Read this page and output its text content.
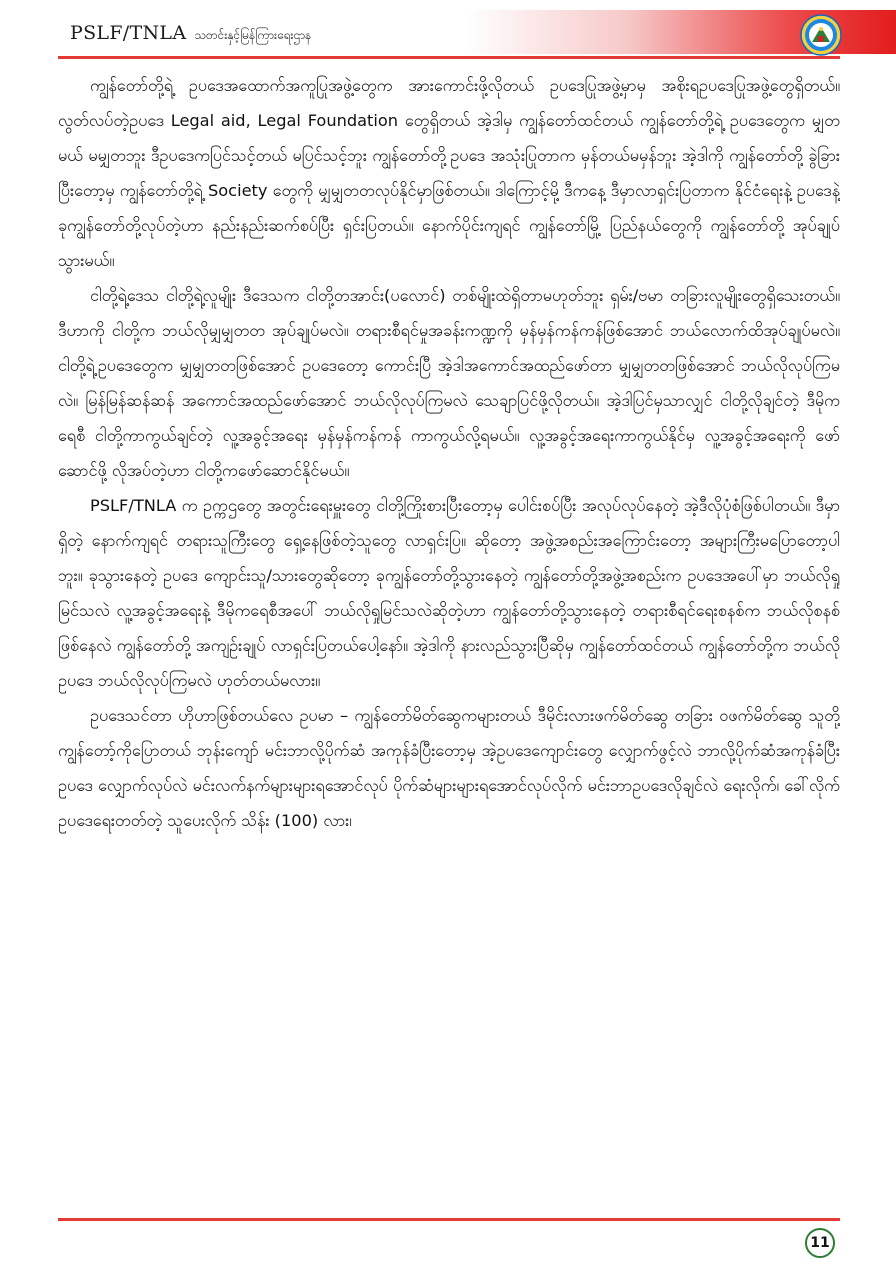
PSLF/TNLA သတင်းနှင့်မြန်ကြားရေးဌာန

ကျွန်တော်တို့ရဲ့ ဥပဒေအထောက်အကူပြုအဖွဲ့တွေက အားကောင်းဖို့လိုတယ် ဥပဒေပြုအဖွဲ့မှာမှ အစိုးရဥပဒေပြုအဖွဲ့တွေရှိတယ်။ လွတ်လပ်တဲ့ဥပဒေ Legal aid, Legal Foundation တွေရှိတယ် အဲ့ဒါမှ ကျွန်တော်ထင်တယ် ကျွန်တော်တို့ရဲ့ ဥပဒေတွေက မျှတမယ် မမျှတဘူး ဒီဥပဒေကပြင်သင့်တယ် မပြင်သင့်ဘူး ကျွန်တော်တို့ဥပဒေ အသုံးပြုတာက မှန်တယ်မမှန်ဘူး အဲ့ဒါကို ကျွန်တော်တို့ ခွဲခြားပြီးတော့မှ ကျွန်တော်တို့ရဲ့ Society တွေကို မျှမျှတတလုပ်နိုင်မှာဖြစ်တယ်။ ဒါကြောင့်မို့ ဒီကနေ့ ဒီမှာလာရှင်းပြတာက နိုင်ငံရေးနဲ့ ဥပဒေနဲ့ ခုကျွန်တော်တို့လုပ်တဲ့ဟာ နည်းနည်းဆက်စပ်ပြီး ရှင်းပြတယ်။ နောက်ပိုင်းကျရင် ကျွန်တော်မြို့ ပြည်နယ်တွေကို ကျွန်တော်တို့ အုပ်ချုပ်သွားမယ်။

ငါတို့ရဲ့ဒေသ ငါတို့ရဲ့လူမျိုး ဒီဒေသက ငါတို့တအာင်း(ပလောင်) တစ်မျိုးထဲရှိတာမဟုတ်ဘူး ရှမ်း/ဗမာ တခြားလူမျိုးတွေရှိသေးတယ်။ ဒီဟာကို ငါတို့က ဘယ်လိုမျှမျှတတ အုပ်ချုပ်မလဲ။ တရားစီရင်မှုအခန်းကဏ္ဍကို မှန်မှန်ကန်ကန်ဖြစ်အောင် ဘယ်လောက်ထိအုပ်ချုပ်မလဲ။ ငါတို့ရဲ့ဥပဒေတွေက မျှမျှတတဖြစ်အောင် ဥပဒေတော့ ကောင်းပြီ အဲ့ဒါအကောင်အထည်ဖော်တာ မျှမျှတတဖြစ်အောင် ဘယ်လိုလုပ်ကြမလဲ။ မြန်မြန်ဆန်ဆန် အကောင်အထည်ဖော်အောင် ဘယ်လိုလုပ်ကြမလဲ သေချာပြင်ဖို့လိုတယ်။ အဲ့ဒါပြင်မှသာလျှင် ငါတို့လိုချင်တဲ့ ဒီမိုကရေစီ ငါတို့ကာကွယ်ချင်တဲ့ လူ့အခွင့်အရေး မှန်မှန်ကန်ကန် ကာကွယ်လို့ရမယ်။ လူ့အခွင့်အရေးကာကွယ်နိုင်မှ လူ့အခွင့်အရေးကို ဖော်ဆောင်ဖို့ လိုအပ်တဲ့ဟာ ငါတို့ကဖော်ဆောင်နိုင်မယ်။

PSLF/TNLA က ဥက္ကဌတွေ အတွင်းရေးမှူးတွေ ငါတို့ကြိုးစားပြီးတော့မှ ပေါင်းစပ်ပြီး အလုပ်လုပ်နေတဲ့ အဲ့ဒီလိုပုံစံဖြစ်ပါတယ်။ ဒီမှာရှိတဲ့ နောက်ကျရင် တရားသူကြီးတွေ ရှေ့နေဖြစ်တဲ့သူတွေ လာရှင်းပြ။ ဆိုတော့ အဖွဲ့အစည်းအကြောင်းတော့ အများကြီးမပြောတော့ပါဘူး။ ခုသွားနေတဲ့ ဥပဒေ ကျောင်းသူ/သားတွေဆိုတော့ ခုကျွန်တော်တို့သွားနေတဲ့ ကျွန်တော်တို့အဖွဲ့အစည်းက ဥပဒေအပေါ်မှာ ဘယ်လိုရှုမြင်သလဲ လူ့အခွင့်အရေးနဲ့ ဒီမိုကရေစီအပေါ် ဘယ်လိုရှုမြင်သလဲဆိုတဲ့ဟာ ကျွန်တော်တို့သွားနေတဲ့ တရားစီရင်ရေးစနစ်က ဘယ်လိုစနစ်ဖြစ်နေလဲ ကျွန်တော်တို့ အကျဉ်းချုပ် လာရှင်းပြတယ်ပေါ့နော်။ အဲ့ဒါကို နားလည်သွားပြီဆိုမှ ကျွန်တော်ထင်တယ် ကျွန်တော်တို့က ဘယ်လိုဥပဒေ ဘယ်လိုလုပ်ကြမလဲ ဟုတ်တယ်မလား။

ဥပဒေသင်တာ ဟိုဟာဖြစ်တယ်လေ ဥပမာ – ကျွန်တော်မိတ်ဆွေကများတယ် ဒီမိုင်းလားဖက်မိတ်ဆွေ တခြား ဝဖက်မိတ်ဆွေ သူတို့ကျွန်တော့်ကိုပြောတယ် ဘုန်းကျော် မင်းဘာလို့ပိုက်ဆံ အကုန်ခံပြီးတော့မှ အဲ့ဥပဒေကျောင်းတွေ လျှောက်ဖွင့်လဲ ဘာလို့ပိုက်ဆံအကုန်ခံပြီး ဥပဒေ လျှောက်လုပ်လဲ မင်းလက်နက်များများရအောင်လုပ် ပိုက်ဆံများများရအောင်လုပ်လိုက် မင်းဘာဥပဒေလိုချင်လဲ ရေးလိုက်၊ ခေါ်လိုက် ဥပဒေရေးတတ်တဲ့ သူပေးလိုက် သိန်း (100) လား၊

11
